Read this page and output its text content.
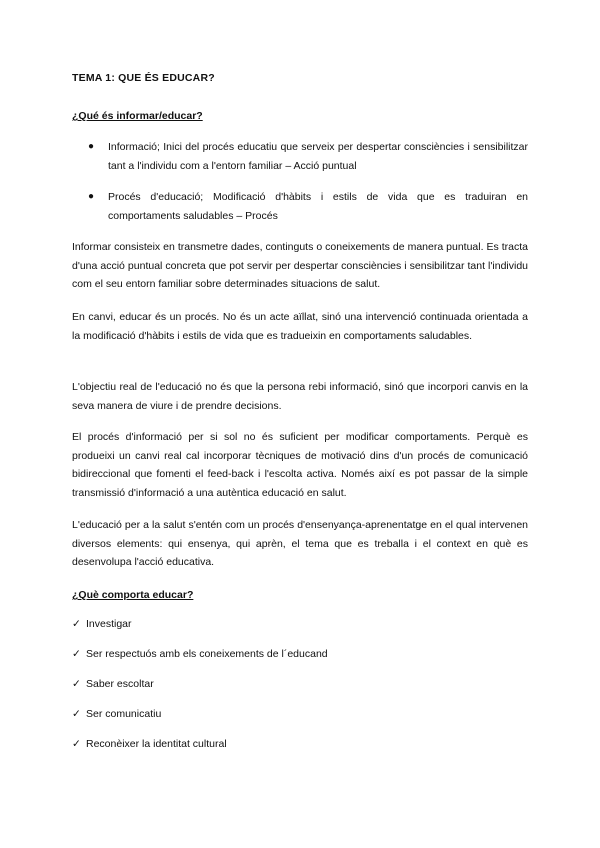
TEMA 1: QUE ÉS EDUCAR?
¿Qué és informar/educar?
● Informació; Inici del procés educatiu que serveix per despertar consciències i sensibilitzar tant a l'individu com a l'entorn familiar – Acció puntual
● Procés d'educació; Modificació d'hàbits i estils de vida que es traduiran en comportaments saludables – Procés

Informar consisteix en transmetre dades, continguts o coneixements de manera puntual. Es tracta d'una acció puntual concreta que pot servir per despertar consciències i sensibilitzar tant l'individu com el seu entorn familiar sobre determinades situacions de salut.

En canvi, educar és un procés. No és un acte aïllat, sinó una intervenció continuada orientada a la modificació d'hàbits i estils de vida que es tradueixin en comportaments saludables.

L'objectiu real de l'educació no és que la persona rebi informació, sinó que incorpori canvis en la seva manera de viure i de prendre decisions.

El procés d'informació per si sol no és suficient per modificar comportaments. Perquè es produeixi un canvi real cal incorporar tècniques de motivació dins d'un procés de comunicació bidireccional que fomenti el feed-back i l'escolta activa. Només així es pot passar de la simple transmissió d'informació a una autèntica educació en salut.

L'educació per a la salut s'entén com un procés d'ensenyança-aprenentatge en el qual intervenen diversos elements: qui ensenya, qui aprèn, el tema que es treballa i el context en què es desenvolupa l'acció educativa.

¿Què comporta educar?

✓ Investigar

✓ Ser respectuós amb els coneixements de l´educand

✓ Saber escoltar

✓ Ser comunicatiu

✓ Reconèixer la identitat cultural
